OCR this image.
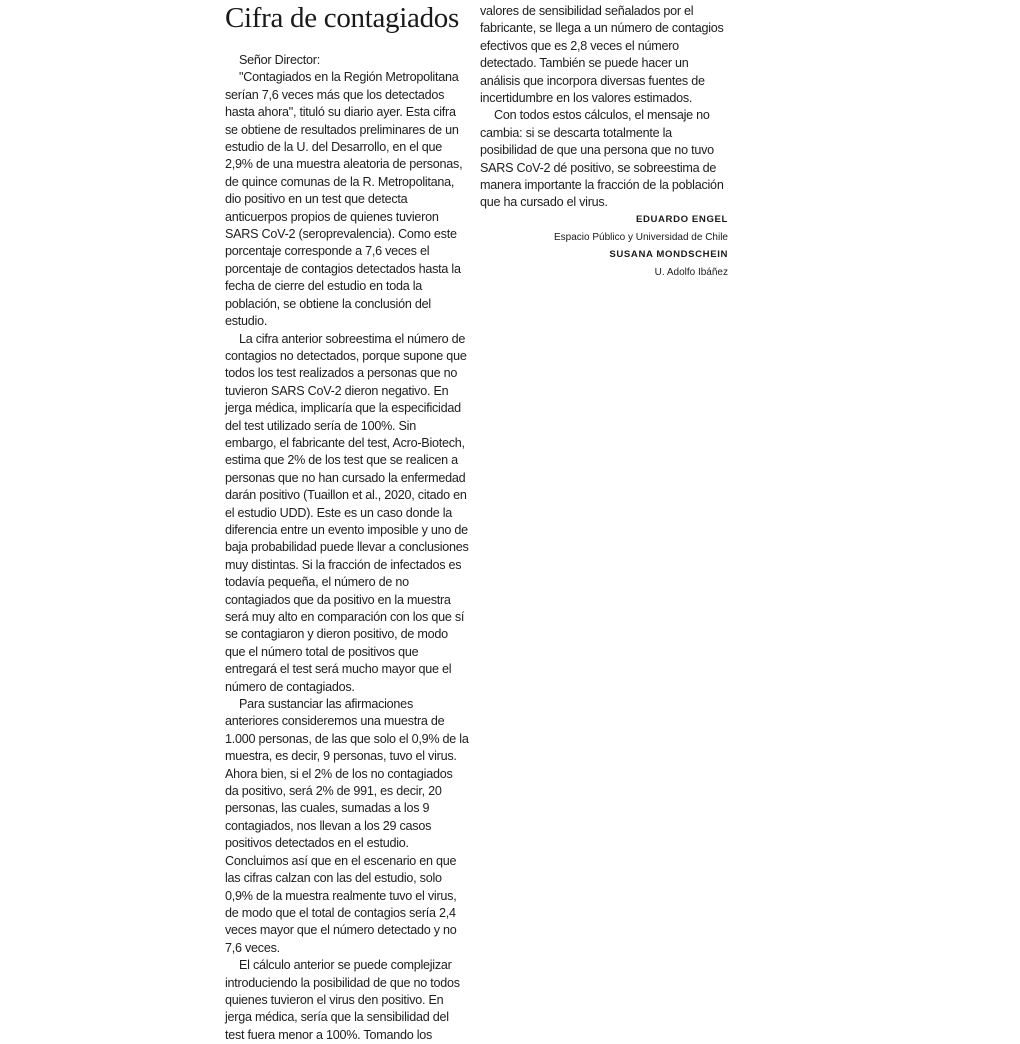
Cifra de contagiados

Señor Director:

"Contagiados en la Región Metropolitana serían 7,6 veces más que los detectados hasta ahora", tituló su diario ayer. Esta cifra se obtiene de resultados preliminares de un estudio de la U. del Desarrollo, en el que 2,9% de una muestra aleatoria de personas, de quince comunas de la R. Metropolitana, dio positivo en un test que detecta anticuerpos propios de quienes tuvieron SARS CoV-2 (seroprevalencia). Como este porcentaje corresponde a 7,6 veces el porcentaje de contagios detectados hasta la fecha de cierre del estudio en toda la población, se obtiene la conclusión del estudio.

La cifra anterior sobreestima el número de contagios no detectados, porque supone que todos los test realizados a personas que no tuvieron SARS CoV-2 dieron negativo. En jerga médica, implicaría que la especificidad del test utilizado sería de 100%. Sin embargo, el fabricante del test, Acro-Biotech, estima que 2% de los test que se realicen a personas que no han cursado la enfermedad darán positivo (Tuaillon et al., 2020, citado en el estudio UDD). Este es un caso donde la diferencia entre un evento imposible y uno de baja probabilidad puede llevar a conclusiones muy distintas. Si la fracción de infectados es todavía pequeña, el número de no contagiados que da positivo en la muestra será muy alto en comparación con los que sí se contagiaron y dieron positivo, de modo que el número total de positivos que entregará el test será mucho mayor que el número de contagiados.

Para sustanciar las afirmaciones anteriores consideremos una muestra de 1.000 personas, de las que solo el 0,9% de la muestra, es decir, 9 personas, tuvo el virus. Ahora bien, si el 2% de los no contagiados da positivo, será 2% de 991, es decir, 20 personas, las cuales, sumadas a los 9 contagiados, nos llevan a los 29 casos positivos detectados en el estudio. Concluimos así que en el escenario en que las cifras calzan con las del estudio, solo 0,9% de la muestra realmente tuvo el virus, de modo que el total de contagios sería 2,4 veces mayor que el número detectado y no 7,6 veces.

El cálculo anterior se puede complejizar introduciendo la posibilidad de que no todos quienes tuvieron el virus den positivo. En jerga médica, sería que la sensibilidad del test fuera menor a 100%. Tomando los

valores de sensibilidad señalados por el fabricante, se llega a un número de contagios efectivos que es 2,8 veces el número detectado. También se puede hacer un análisis que incorpora diversas fuentes de incertidumbre en los valores estimados.

Con todos estos cálculos, el mensaje no cambia: si se descarta totalmente la posibilidad de que una persona que no tuvo SARS CoV-2 dé positivo, se sobreestima de manera importante la fracción de la población que ha cursado el virus.

EDUARDO ENGEL
Espacio Público y Universidad de Chile
SUSANA MONDSCHEIN
U. Adolfo Ibáñez
